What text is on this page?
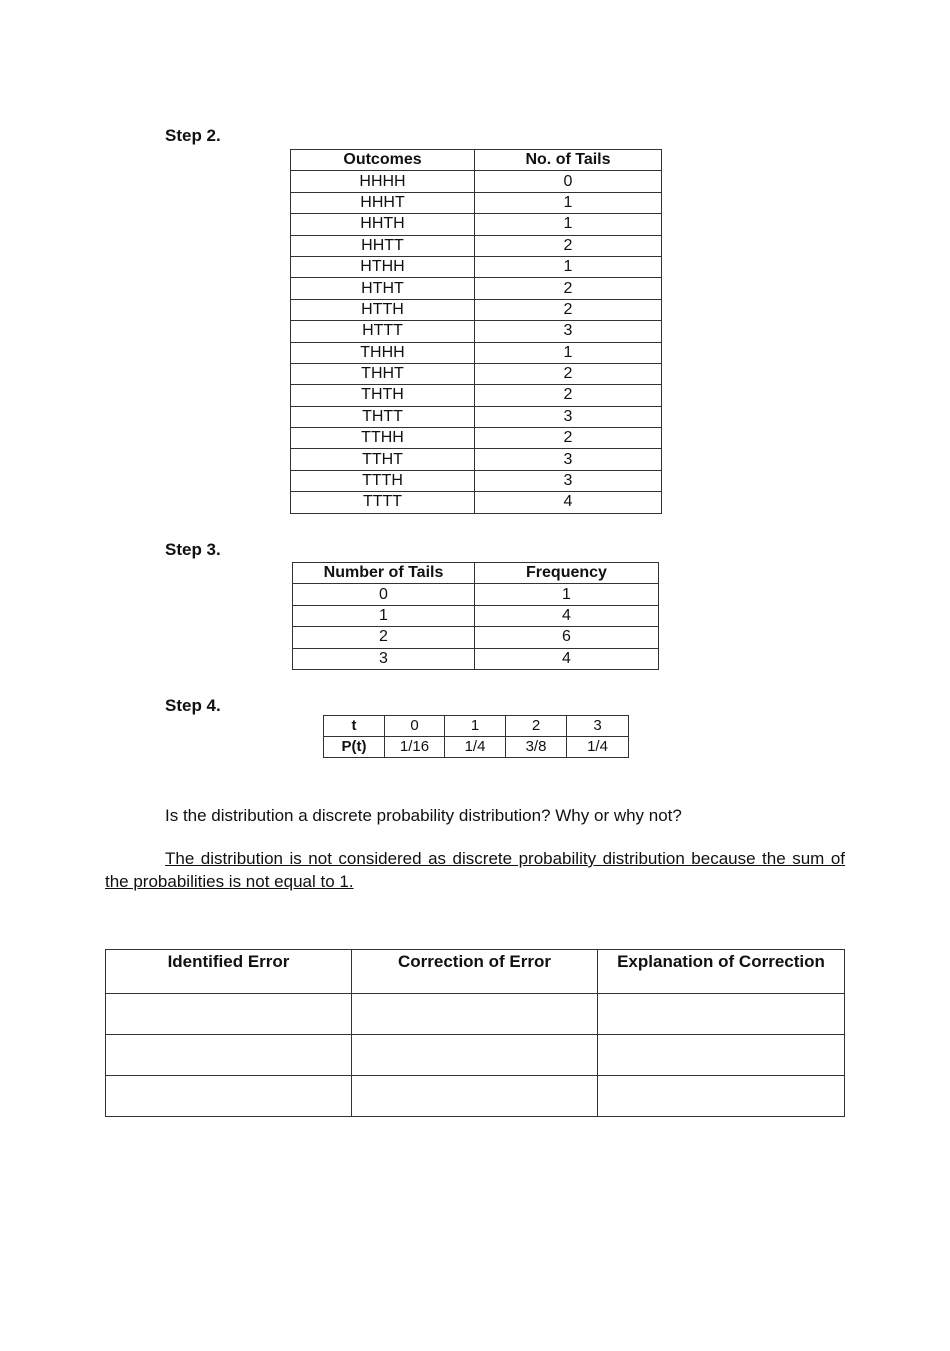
Step 2.
Outcomes	No. of Tails
HHHH	0
HHHT	1
HHTH	1
HHTT	2
HTHH	1
HTHT	2
HTTH	2
HTTT	3
THHH	1
THHT	2
THTH	2
THTT	3
TTHH	2
TTHT	3
TTTH	3
TTTT	4
Step 3.
Number of Tails	Frequency
0	1
1	4
2	6
3	4
Step 4.
t	0	1	2	3
P(t)	1/16	1/4	3/8	1/4
Is the distribution a discrete probability distribution? Why or why not?
The distribution is not considered as discrete probability distribution because the sum of the probabilities is not equal to 1.
Identified Error	Correction of Error	Explanation of Correction
